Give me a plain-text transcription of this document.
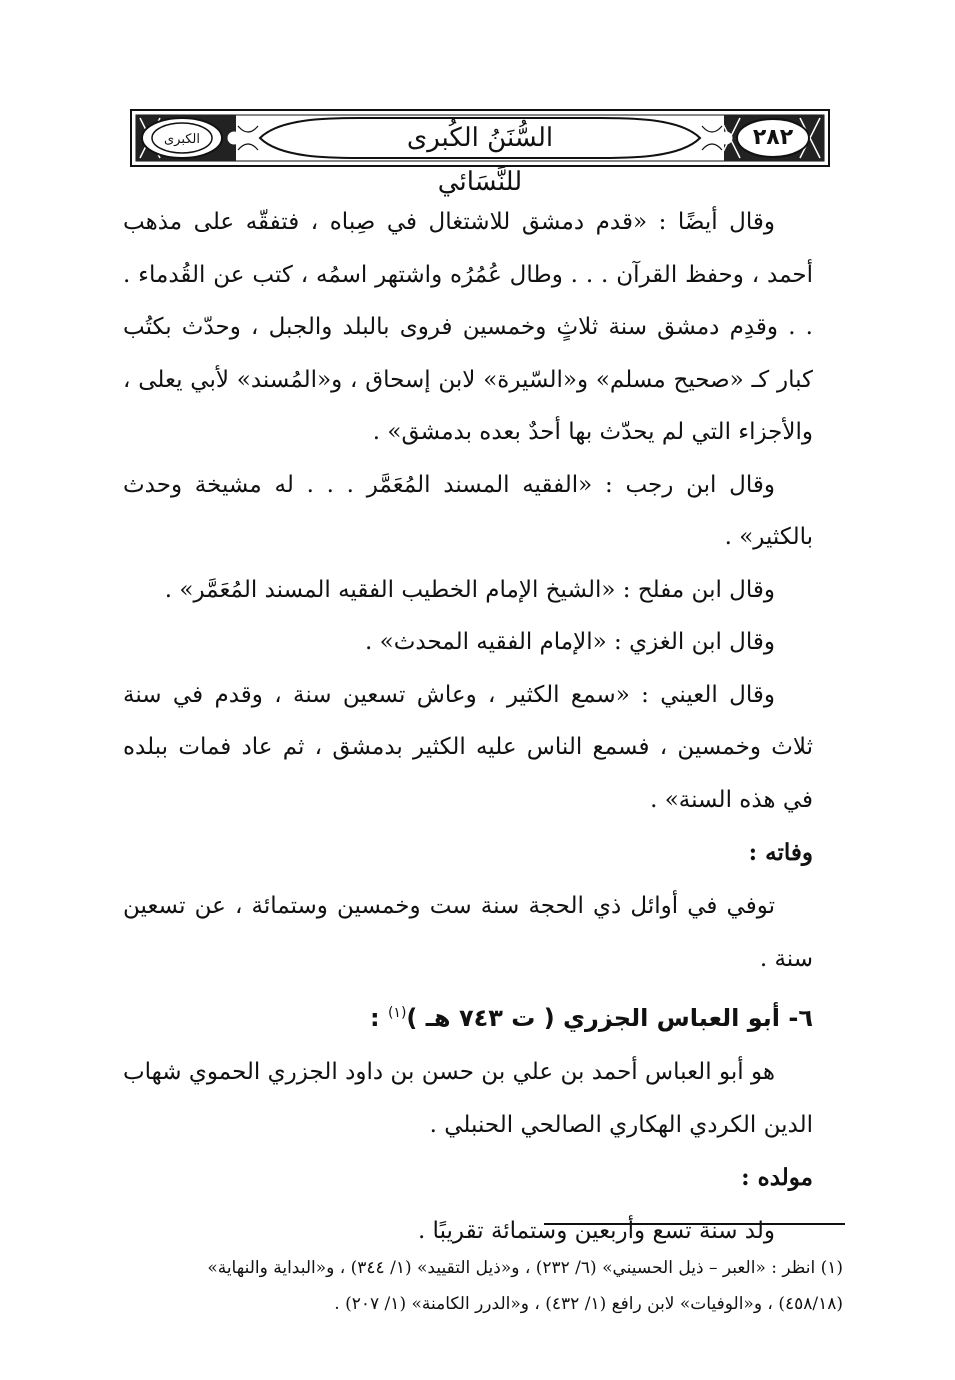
الكبرى	السُّنَنُ الكُبرى للنَّسَائي
٢٨٢

وقال أيضًا : «قدم دمشق للاشتغال في صِباه ، فتفقّه على مذهب أحمد ، وحفظ القرآن . . . وطال عُمُرُه واشتهر اسمُه ، كتب عن القُدماء . . . وقدِم دمشق سنة ثلاثٍ وخمسين فروى بالبلد والجبل ، وحدّث بكتُب كبار كـ «صحيح مسلم» و«السّيرة» لابن إسحاق ، و«المُسند» لأبي يعلى ، والأجزاء التي لم يحدّث بها أحدٌ بعده بدمشق» .

وقال ابن رجب : «الفقيه المسند المُعَمَّر . . . له مشيخة وحدث بالكثير» .

وقال ابن مفلح : «الشيخ الإمام الخطيب الفقيه المسند المُعَمَّر» .

وقال ابن الغزي : «الإمام الفقيه المحدث» .

وقال العيني : «سمع الكثير ، وعاش تسعين سنة ، وقدم في سنة ثلاث وخمسين ، فسمع الناس عليه الكثير بدمشق ، ثم عاد فمات ببلده في هذه السنة» .

وفاته :

توفي في أوائل ذي الحجة سنة ست وخمسين وستمائة ، عن تسعين سنة .

٦- أبو العباس الجزري ( ت ٧٤٣ هـ )$^{(١)}$ :

هو أبو العباس أحمد بن علي بن حسن بن داود الجزري الحموي شهاب الدين الكردي الهكاري الصالحي الحنبلي .

مولده :

ولد سنة تسع وأربعين وستمائة تقريبًا .

(١) انظر : «العبر – ذيل الحسيني» (٦/ ٢٣٢) ، و«ذيل التقييد» (١/ ٣٤٤) ، و«البداية والنهاية»

(٤٥٨/١٨) ، و«الوفيات» لابن رافع (١/ ٤٣٢) ، و«الدرر الكامنة» (١/ ٢٠٧) .
